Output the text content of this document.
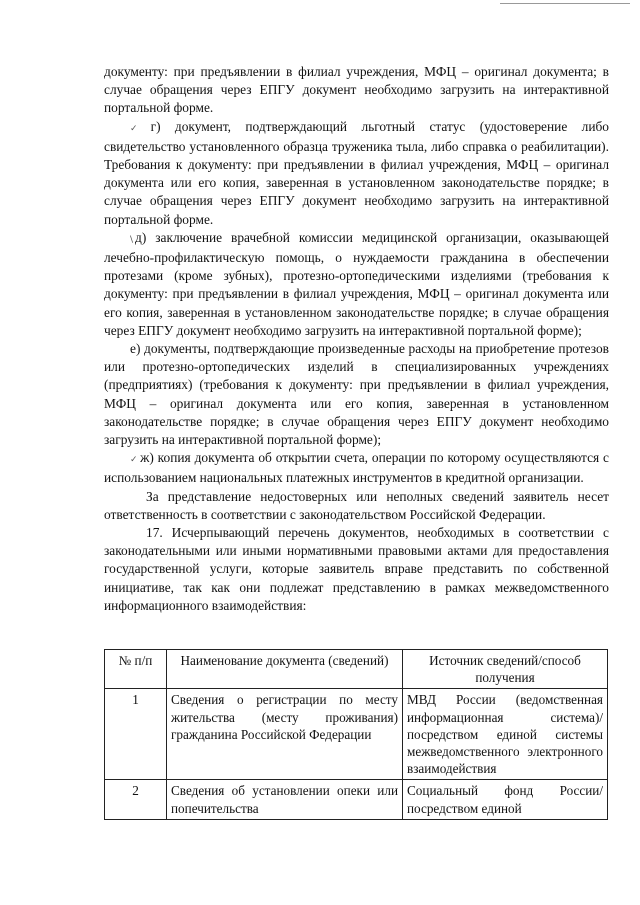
документу: при предъявлении в филиал учреждения, МФЦ – оригинал документа; в случае обращения через ЕПГУ документ необходимо загрузить на интерактивной портальной форме.

✓ г) документ, подтверждающий льготный статус (удостоверение либо свидетельство установленного образца труженика тыла, либо справка о реабилитации). Требования к документу: при предъявлении в филиал учреждения, МФЦ – оригинал документа или его копия, заверенная в установленном законодательстве порядке; в случае обращения через ЕПГУ документ необходимо загрузить на интерактивной портальной форме.

\ д) заключение врачебной комиссии медицинской организации, оказывающей лечебно-профилактическую помощь, о нуждаемости гражданина в обеспечении протезами (кроме зубных), протезно-ортопедическими изделиями (требования к документу: при предъявлении в филиал учреждения, МФЦ – оригинал документа или его копия, заверенная в установленном законодательстве порядке; в случае обращения через ЕПГУ документ необходимо загрузить на интерактивной портальной форме);

е) документы, подтверждающие произведенные расходы на приобретение протезов или протезно-ортопедических изделий в специализированных учреждениях (предприятиях) (требования к документу: при предъявлении в филиал учреждения, МФЦ – оригинал документа или его копия, заверенная в установленном законодательстве порядке; в случае обращения через ЕПГУ документ необходимо загрузить на интерактивной портальной форме);

✓ ж) копия документа об открытии счета, операции по которому осуществляются с использованием национальных платежных инструментов в кредитной организации.

За представление недостоверных или неполных сведений заявитель несет ответственность в соответствии с законодательством Российской Федерации.

17. Исчерпывающий перечень документов, необходимых в соответствии с законодательными или иными нормативными правовыми актами для предоставления государственной услуги, которые заявитель вправе представить по собственной инициативе, так как они подлежат представлению в рамках межведомственного информационного взаимодействия:

№ п/п	Наименование документа (сведений)	Источник сведений/способ получения
1	Сведения о регистрации по месту жительства (месту проживания) гражданина Российской Федерации	МВД России (ведомственная информационная система)/посредством единой системы межведомственного электронного взаимодействия
2	Сведения об установлении опеки или попечительства	Социальный фонд России/ посредством единой
